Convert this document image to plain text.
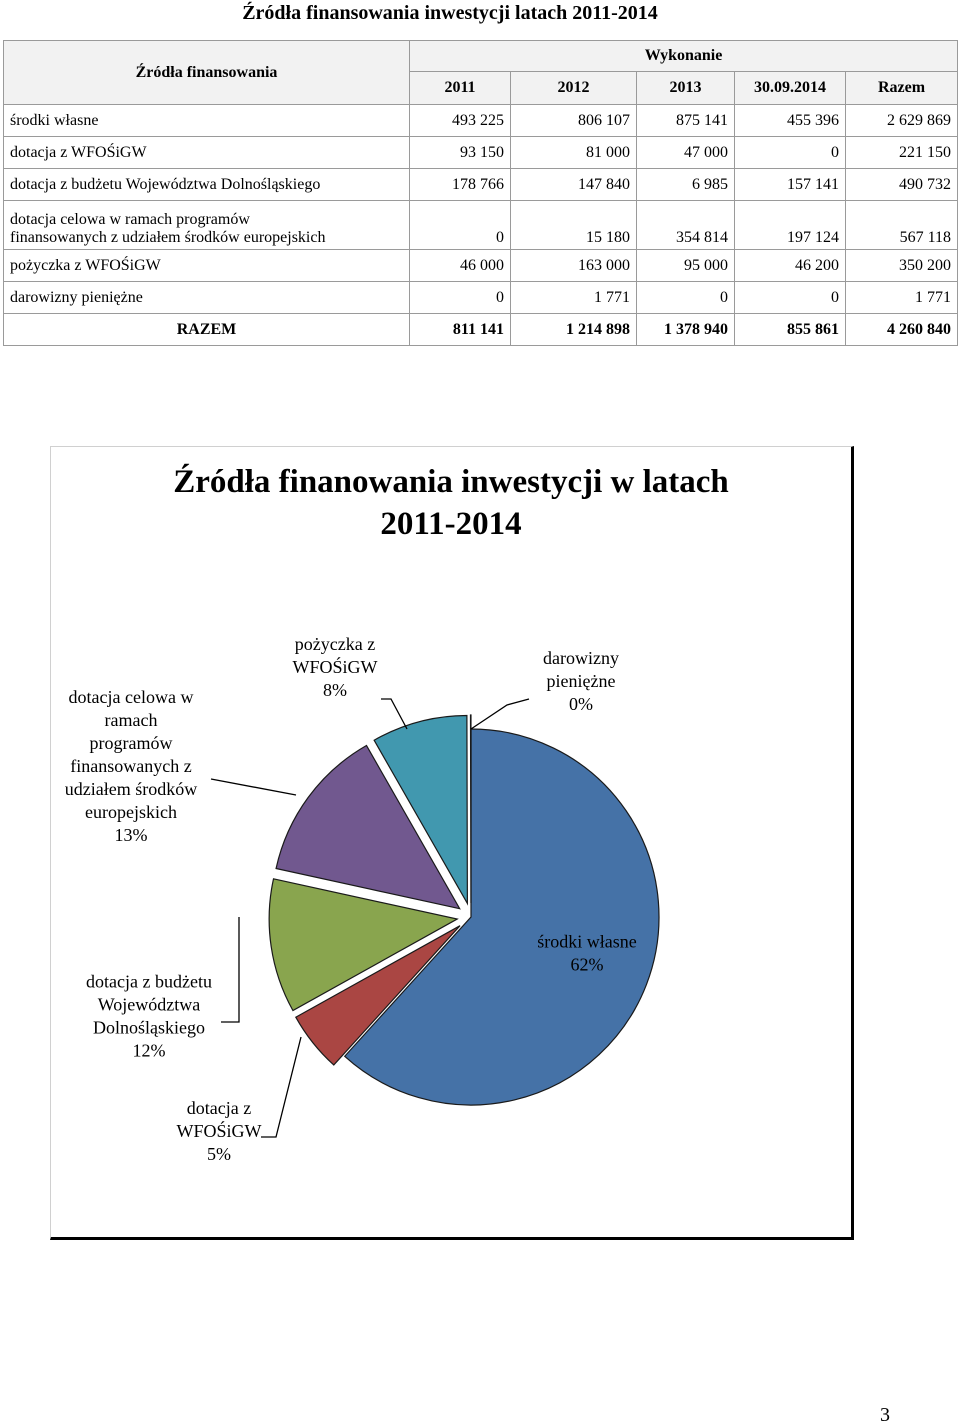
Źródła finansowania inwestycji latach 2011-2014
Źródła finansowania	Wykonanie				
	2011	2012	2013	30.09.2014	Razem
środki własne	493 225	806 107	875 141	455 396	2 629 869
dotacja z WFOŚiGW	93 150	81 000	47 000	0	221 150
dotacja z budżetu Województwa Dolnośląskiego	178 766	147 840	6 985	157 141	490 732
dotacja celowa w ramach programów
finansowanych z udziałem środków europejskich	0	15 180	354 814	197 124	567 118
pożyczka z WFOŚiGW	46 000	163 000	95 000	46 200	350 200
darowizny pieniężne	0	1 771	0	0	1 771
RAZEM	811 141	1 214 898	1 378 940	855 861	4 260 840
Źródła finanowania inwestycji w latach
2011-2014
środki własne 62%
dotacja z WFOŚiGW 5%
dotacja z budżetu Województwa Dolnośląskiego 12%
dotacja celowa w ramach programów finansowanych z udziałem środków europejskich 13%
pożyczka z WFOŚiGW 8%
darowizny pieniężne 0%
3
